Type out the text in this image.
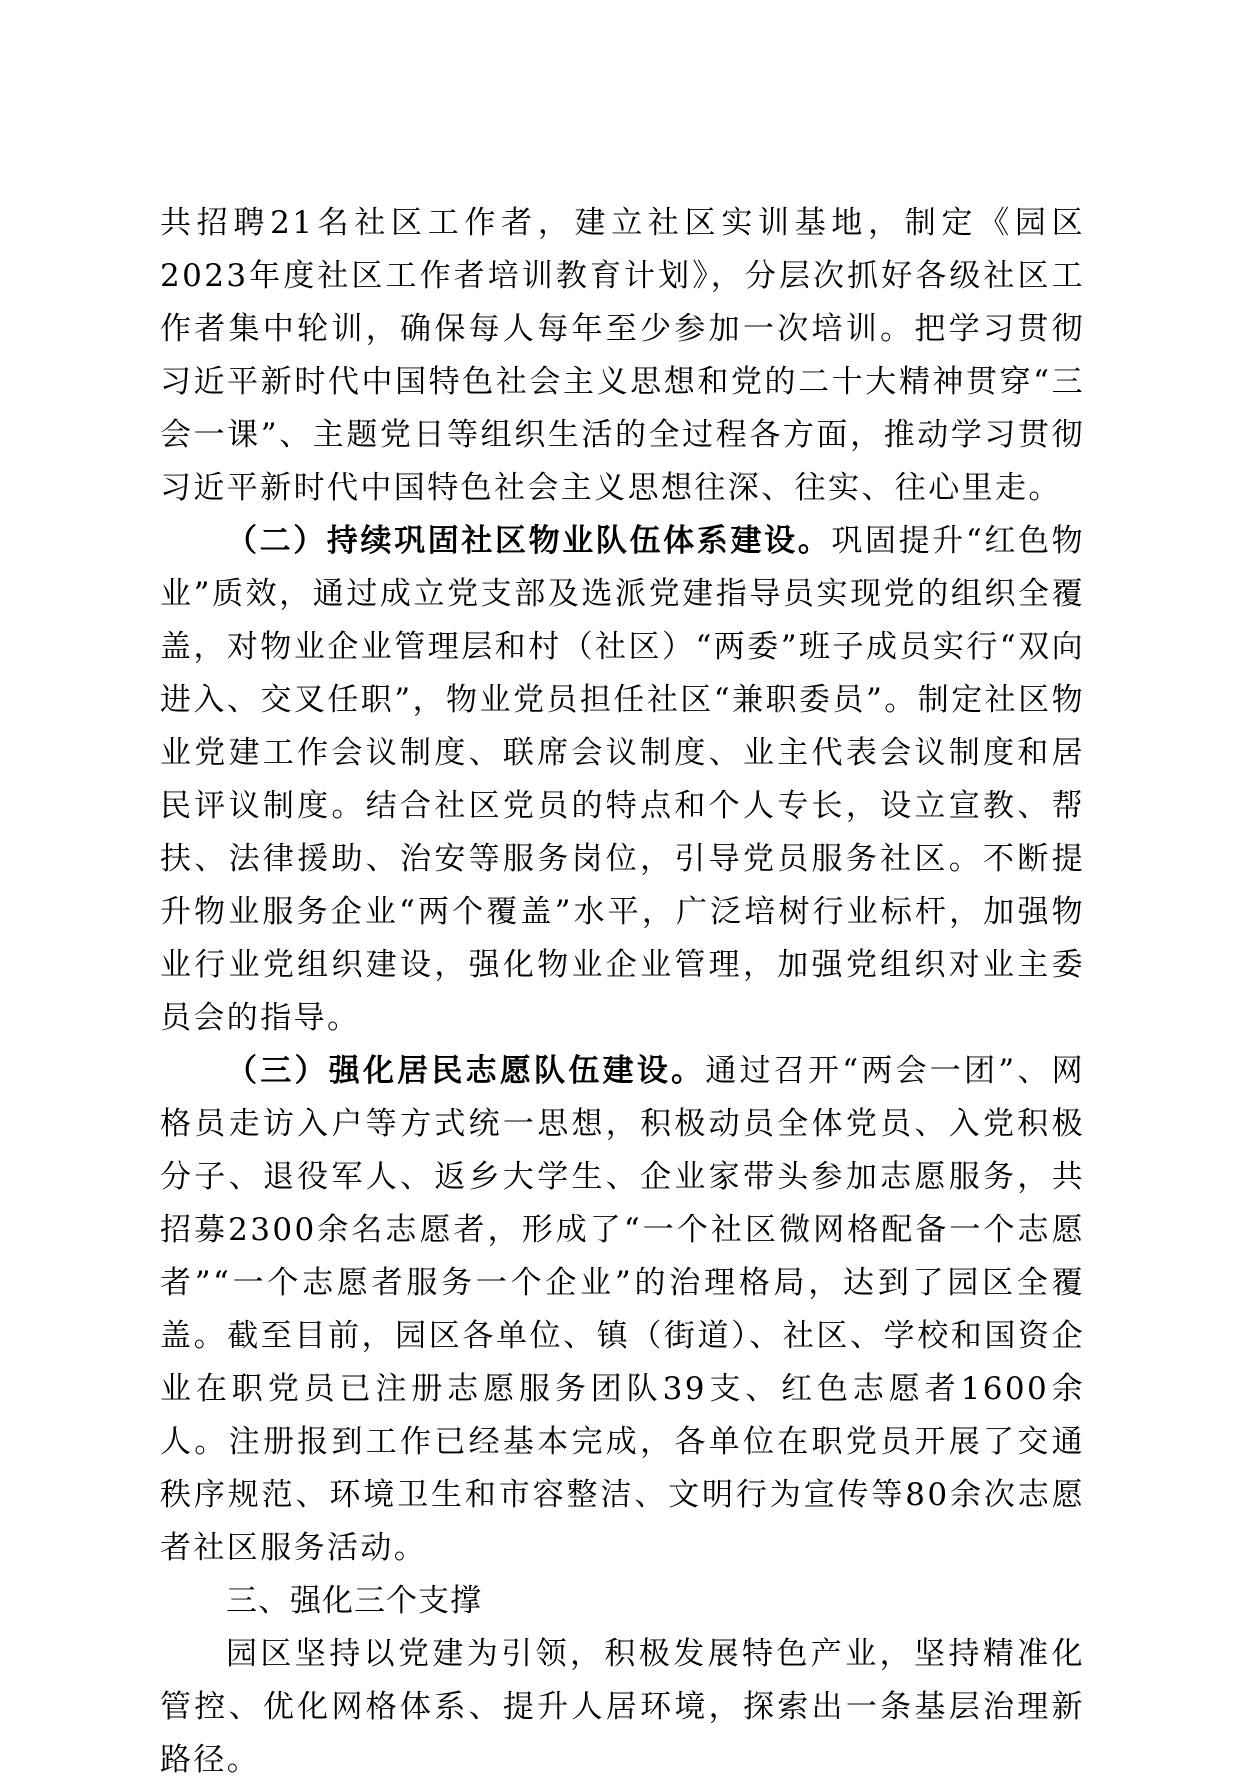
共招聘21名社区工作者，建立社区实训基地，制定《园区2023年度社区工作者培训教育计划》，分层次抓好各级社区工作者集中轮训，确保每人每年至少参加一次培训。把学习贯彻习近平新时代中国特色社会主义思想和党的二十大精神贯穿“三会一课”、主题党日等组织生活的全过程各方面，推动学习贯彻习近平新时代中国特色社会主义思想往深、往实、往心里走。

（二）持续巩固社区物业队伍体系建设。巩固提升“红色物业”质效，通过成立党支部及选派党建指导员实现党的组织全覆盖，对物业企业管理层和村（社区）“两委”班子成员实行“双向进入、交叉任职”，物业党员担任社区“兼职委员”。制定社区物业党建工作会议制度、联席会议制度、业主代表会议制度和居民评议制度。结合社区党员的特点和个人专长，设立宣教、帮扶、法律援助、治安等服务岗位，引导党员服务社区。不断提升物业服务企业“两个覆盖”水平，广泛培树行业标杆，加强物业行业党组织建设，强化物业企业管理，加强党组织对业主委员会的指导。

（三）强化居民志愿队伍建设。通过召开“两会一团”、网格员走访入户等方式统一思想，积极动员全体党员、入党积极分子、退役军人、返乡大学生、企业家带头参加志愿服务，共招募2300余名志愿者，形成了“一个社区微网格配备一个志愿者”“一个志愿者服务一个企业”的治理格局，达到了园区全覆盖。截至目前，园区各单位、镇（街道）、社区、学校和国资企业在职党员已注册志愿服务团队39支、红色志愿者1600余人。注册报到工作已经基本完成，各单位在职党员开展了交通秩序规范、环境卫生和市容整洁、文明行为宣传等80余次志愿者社区服务活动。

三、强化三个支撑

园区坚持以党建为引领，积极发展特色产业，坚持精准化管控、优化网格体系、提升人居环境，探索出一条基层治理新路径。
